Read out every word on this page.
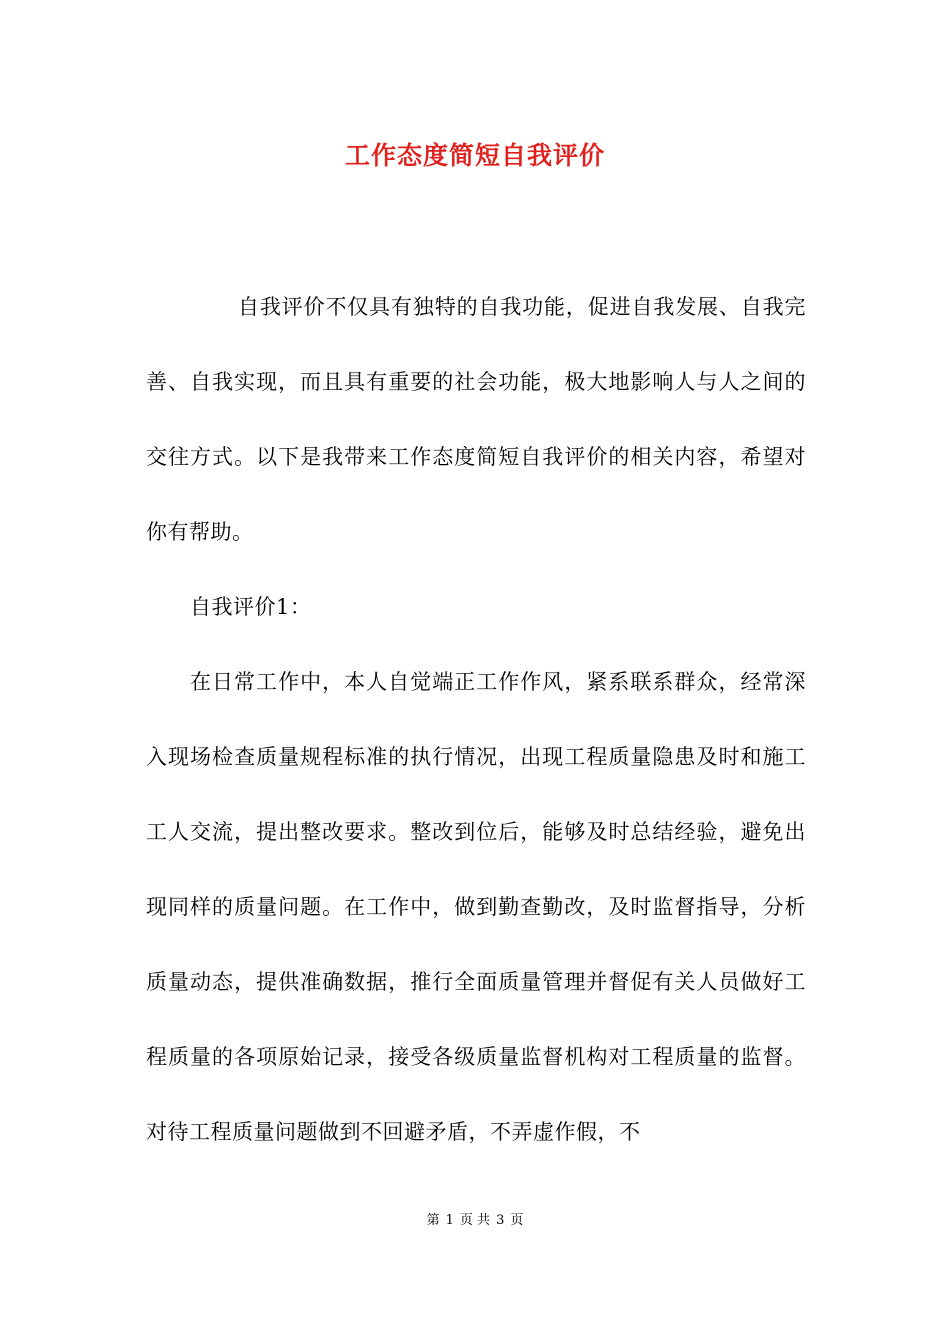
工作态度简短自我评价

自我评价不仅具有独特的自我功能，促进自我发展、自我完善、自我实现，而且具有重要的社会功能，极大地影响人与人之间的交往方式。以下是我带来工作态度简短自我评价的相关内容，希望对你有帮助。

自我评价1：

在日常工作中，本人自觉端正工作作风，紧系联系群众，经常深入现场检查质量规程标准的执行情况，出现工程质量隐患及时和施工工人交流，提出整改要求。整改到位后，能够及时总结经验，避免出现同样的质量问题。在工作中，做到勤查勤改，及时监督指导，分析质量动态，提供准确数据，推行全面质量管理并督促有关人员做好工程质量的各项原始记录，接受各级质量监督机构对工程质量的监督。对待工程质量问题做到不回避矛盾，不弄虚作假，不

第 1 页 共 3 页
